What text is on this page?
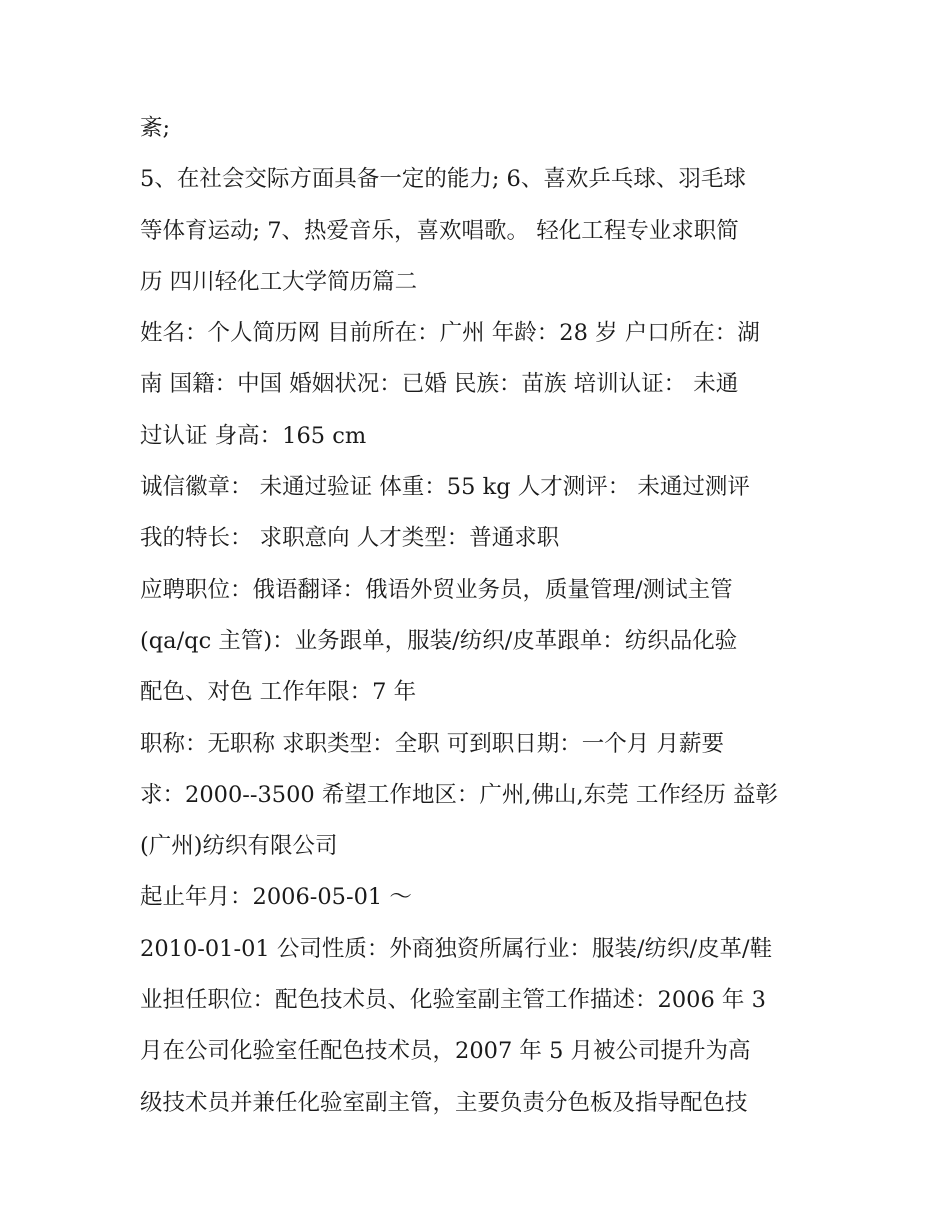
紊;
5、在社会交际方面具备一定的能力; 6、喜欢乒乓球、羽毛球
等体育运动; 7、热爱音乐，喜欢唱歌。 轻化工程专业求职简
历 四川轻化工大学简历篇二
姓名：个人简历网 目前所在：广州 年龄：28 岁 户口所在：湖
南 国籍：中国 婚姻状况：已婚 民族：苗族 培训认证： 未通
过认证 身高：165 cm
诚信徽章： 未通过验证 体重：55 kg 人才测评： 未通过测评
我的特长： 求职意向 人才类型：普通求职
应聘职位：俄语翻译：俄语外贸业务员，质量管理/测试主管
(qa/qc 主管)：业务跟单，服装/纺织/皮革跟单：纺织品化验
配色、对色 工作年限：7 年
职称：无职称 求职类型：全职 可到职日期：一个月 月薪要
求：2000--3500 希望工作地区：广州,佛山,东莞 工作经历 益彰
(广州)纺织有限公司
起止年月：2006-05-01 ～
2010-01-01 公司性质：外商独资所属行业：服装/纺织/皮革/鞋
业担任职位：配色技术员、化验室副主管工作描述：2006 年 3
月在公司化验室任配色技术员，2007 年 5 月被公司提升为高
级技术员并兼任化验室副主管，主要负责分色板及指导配色技
